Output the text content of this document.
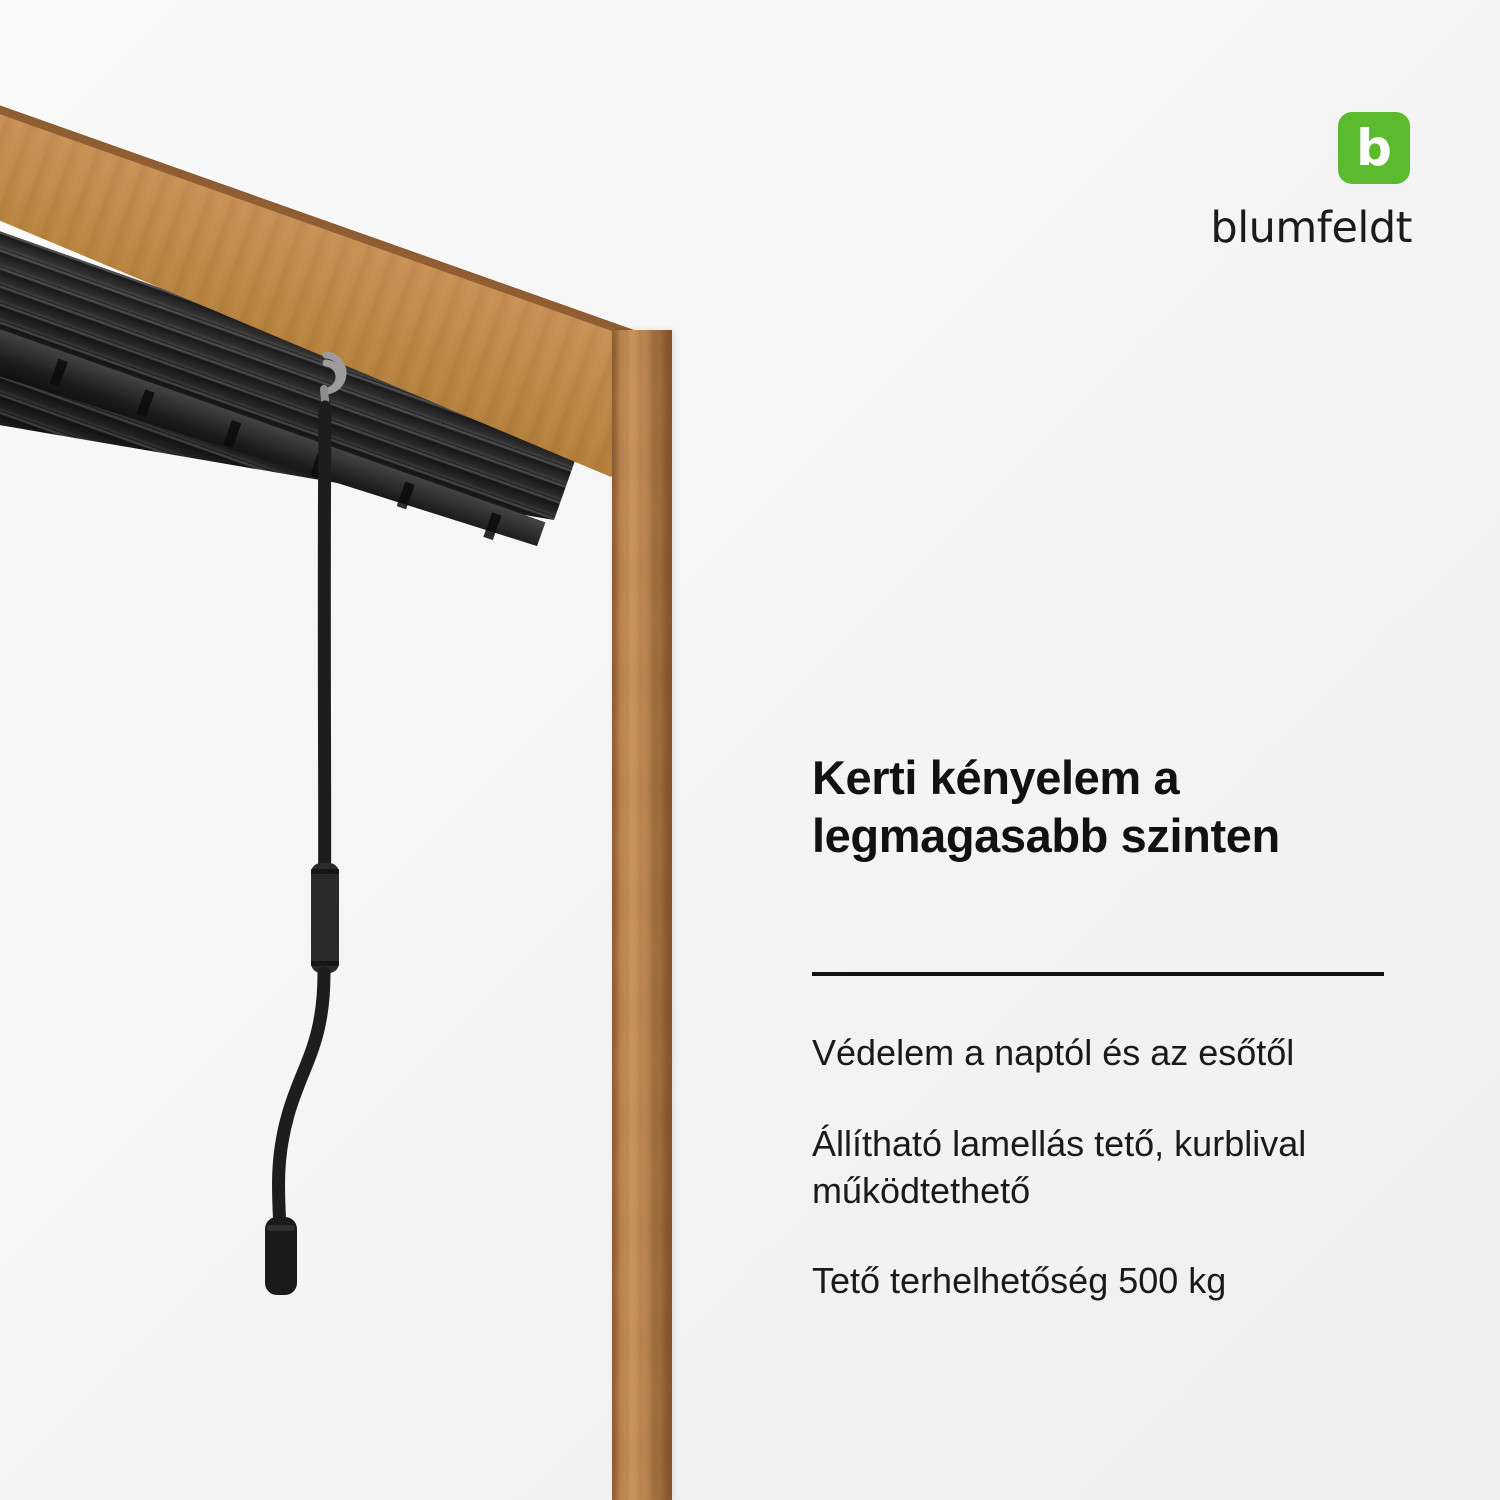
b
blumfeldt
Kerti kényelem a legmagasabb szinten
Védelem a naptól és az esőtől
Állítható lamellás tető, kurblival működtethető
Tető terhelhetőség 500 kg
